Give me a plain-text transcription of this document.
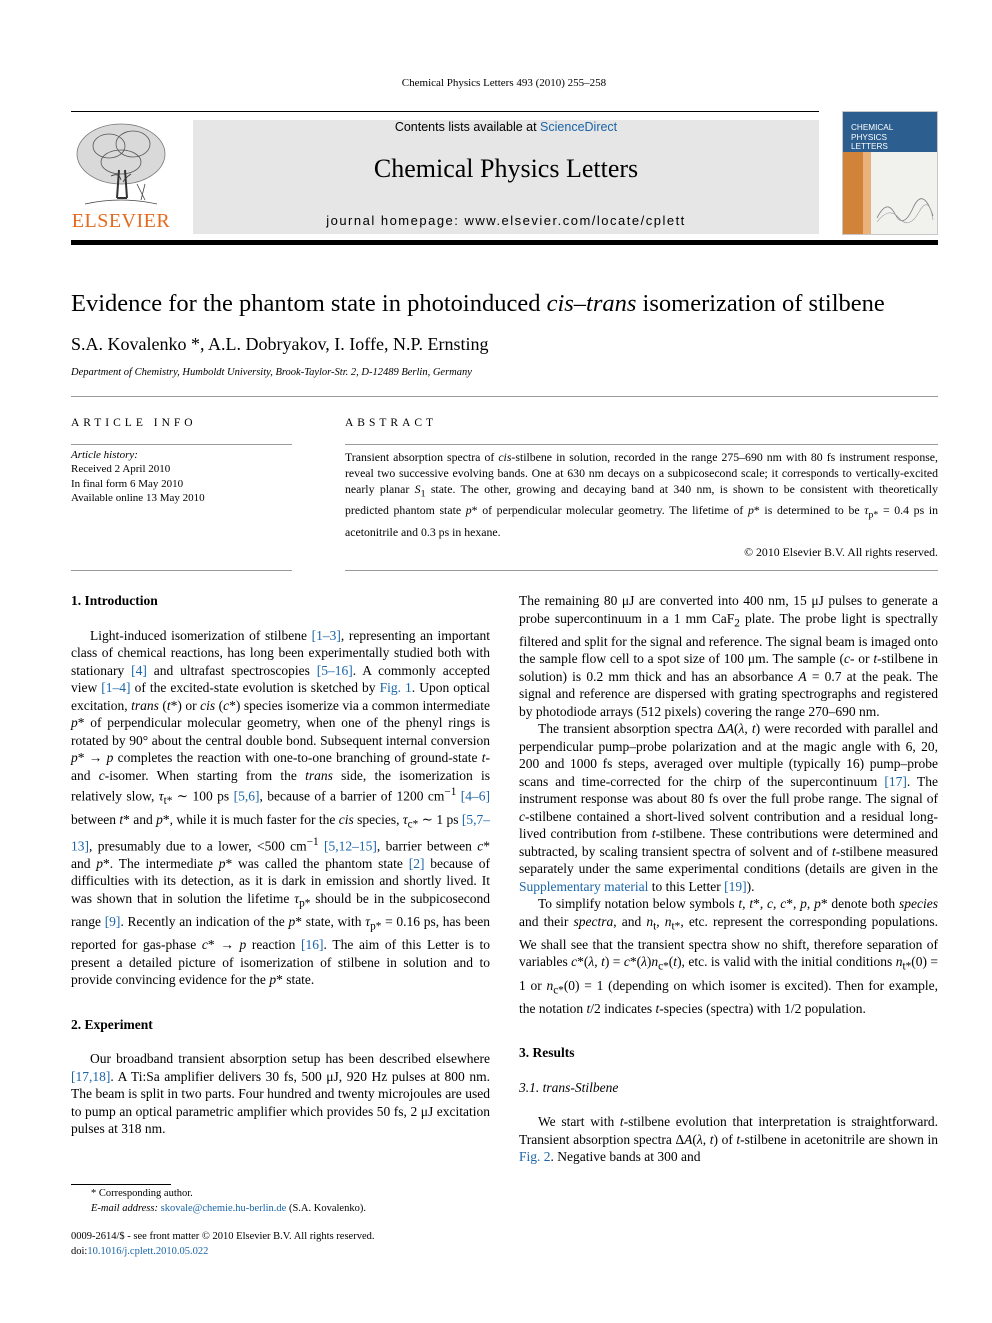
Chemical Physics Letters 493 (2010) 255–258
ELSEVIER
Contents lists available at ScienceDirect
Chemical Physics Letters
journal homepage: www.elsevier.com/locate/cplett
CHEMICAL
PHYSICS
LETTERS
Evidence for the phantom state in photoinduced cis–trans isomerization of stilbene
S.A. Kovalenko *, A.L. Dobryakov, I. Ioffe, N.P. Ernsting
Department of Chemistry, Humboldt University, Brook-Taylor-Str. 2, D-12489 Berlin, Germany
ARTICLE INFO	ABSTRACT
Article history:
Received 2 April 2010
In final form 6 May 2010
Available online 13 May 2010
Transient absorption spectra of cis-stilbene in solution, recorded in the range 275–690 nm with 80 fs instrument response, reveal two successive evolving bands. One at 630 nm decays on a subpicosecond scale; it corresponds to vertically-excited nearly planar $S_1$ state. The other, growing and decaying band at 340 nm, is shown to be consistent with theoretically predicted phantom state p* of perpendicular molecular geometry. The lifetime of p* is determined to be $\tau_{p*} = 0.4$ ps in acetonitrile and 0.3 ps in hexane.
© 2010 Elsevier B.V. All rights reserved.
1. Introduction

Light-induced isomerization of stilbene [1–3], representing an important class of chemical reactions, has long been experimentally studied both with stationary [4] and ultrafast spectroscopies [5–16]. A commonly accepted view [1–4] of the excited-state evolution is sketched by Fig. 1. Upon optical excitation, trans (t*) or cis (c*) species isomerize via a common intermediate p* of perpendicular molecular geometry, when one of the phenyl rings is rotated by 90° about the central double bond. Subsequent internal conversion p* → p completes the reaction with one-to-one branching of ground-state t- and c-isomer. When starting from the trans side, the isomerization is relatively slow, $\tau_{t*}$ ∼ 100 ps [5,6], because of a barrier of 1200 $cm^{-1}$ [4–6] between t* and p*, while it is much faster for the cis species, $\tau_{c*}$ ∼ 1 ps [5,7–13], presumably due to a lower, <500 $cm^{-1}$ [5,12–15], barrier between c* and p*. The intermediate p* was called the phantom state [2] because of difficulties with its detection, as it is dark in emission and shortly lived. It was shown that in solution the lifetime $\tau_{p*}$ should be in the subpicosecond range [9]. Recently an indication of the p* state, with $\tau_{p*} = 0.16$ ps, has been reported for gas-phase c* → p reaction [16]. The aim of this Letter is to present a detailed picture of isomerization of stilbene in solution and to provide convincing evidence for the p* state.

2. Experiment

Our broadband transient absorption setup has been described elsewhere [17,18]. A Ti:Sa amplifier delivers 30 fs, 500 μJ, 920 Hz pulses at 800 nm. The beam is split in two parts. Four hundred and twenty microjoules are used to pump an optical parametric amplifier which provides 50 fs, 2 μJ excitation pulses at 318 nm.

The remaining 80 μJ are converted into 400 nm, 15 μJ pulses to generate a probe supercontinuum in a 1 mm CaF$_2$ plate. The probe light is spectrally filtered and split for the signal and reference. The signal beam is imaged onto the sample flow cell to a spot size of 100 μm. The sample (c- or t-stilbene in solution) is 0.2 mm thick and has an absorbance A = 0.7 at the peak. The signal and reference are dispersed with grating spectrographs and registered by photodiode arrays (512 pixels) covering the range 270–690 nm.

The transient absorption spectra ΔA(λ, t) were recorded with parallel and perpendicular pump–probe polarization and at the magic angle with 6, 20, 200 and 1000 fs steps, averaged over multiple (typically 16) pump–probe scans and time-corrected for the chirp of the supercontinuum [17]. The instrument response was about 80 fs over the full probe range. The signal of c-stilbene contained a short-lived solvent contribution and a residual long-lived contribution from t-stilbene. These contributions were determined and subtracted, by scaling transient spectra of solvent and of t-stilbene measured separately under the same experimental conditions (details are given in the Supplementary material to this Letter [19]).

To simplify notation below symbols t, t*, c, c*, p, p* denote both species and their spectra, and $n_t$, $n_{t*}$, etc. represent the corresponding populations. We shall see that the transient spectra show no shift, therefore separation of variables c*(λ, $t) = c*(\lambda)n_{c*}(t)$, etc. is valid with the initial conditions $n_{t*}(0) = 1$ or $n_{c*}(0) = 1$ (depending on which isomer is excited). Then for example, the notation t/2 indicates t-species (spectra) with 1/2 population.

3. Results
3.1. trans-Stilbene

We start with t-stilbene evolution that interpretation is straightforward. Transient absorption spectra ΔA(λ, t) of t-stilbene in acetonitrile are shown in Fig. 2. Negative bands at 300 and

* Corresponding author.
E-mail address: skovale@chemie.hu-berlin.de (S.A. Kovalenko).
0009-2614/$ - see front matter © 2010 Elsevier B.V. All rights reserved.
doi:10.1016/j.cplett.2010.05.022
